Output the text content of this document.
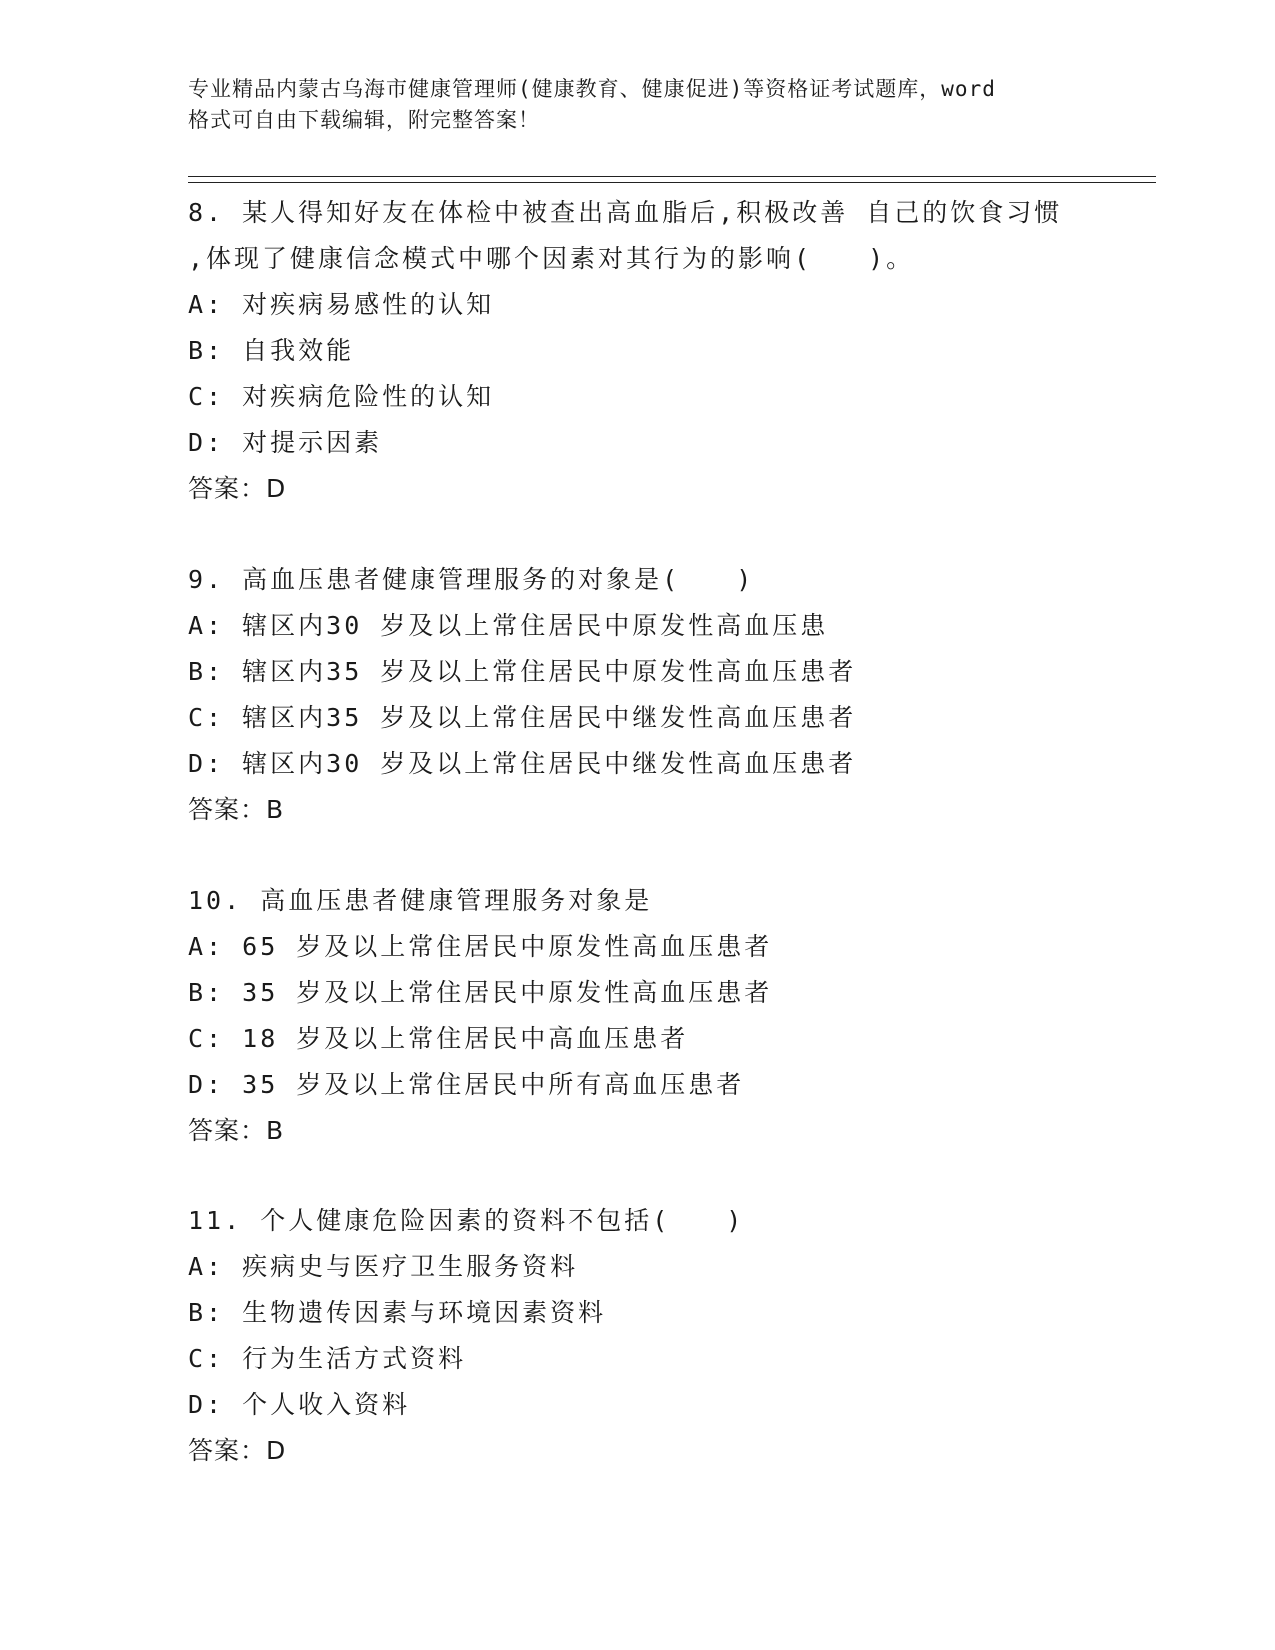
专业精品内蒙古乌海市健康管理师(健康教育、健康促进)等资格证考试题库，word
格式可自由下载编辑，附完整答案！
8. 某人得知好友在体检中被查出高血脂后,积极改善 自己的饮食习惯
,体现了健康信念模式中哪个因素对其行为的影响(　　)。
A: 对疾病易感性的认知
B: 自我效能
C: 对疾病危险性的认知
D: 对提示因素
答案：D
9. 高血压患者健康管理服务的对象是(　　)
A: 辖区内30 岁及以上常住居民中原发性高血压患
B: 辖区内35 岁及以上常住居民中原发性高血压患者
C: 辖区内35 岁及以上常住居民中继发性高血压患者
D: 辖区内30 岁及以上常住居民中继发性高血压患者
答案：B
10. 高血压患者健康管理服务对象是
A: 65 岁及以上常住居民中原发性高血压患者
B: 35 岁及以上常住居民中原发性高血压患者
C: 18 岁及以上常住居民中高血压患者
D: 35 岁及以上常住居民中所有高血压患者
答案：B
11. 个人健康危险因素的资料不包括(　　)
A: 疾病史与医疗卫生服务资料
B: 生物遗传因素与环境因素资料
C: 行为生活方式资料
D: 个人收入资料
答案：D
